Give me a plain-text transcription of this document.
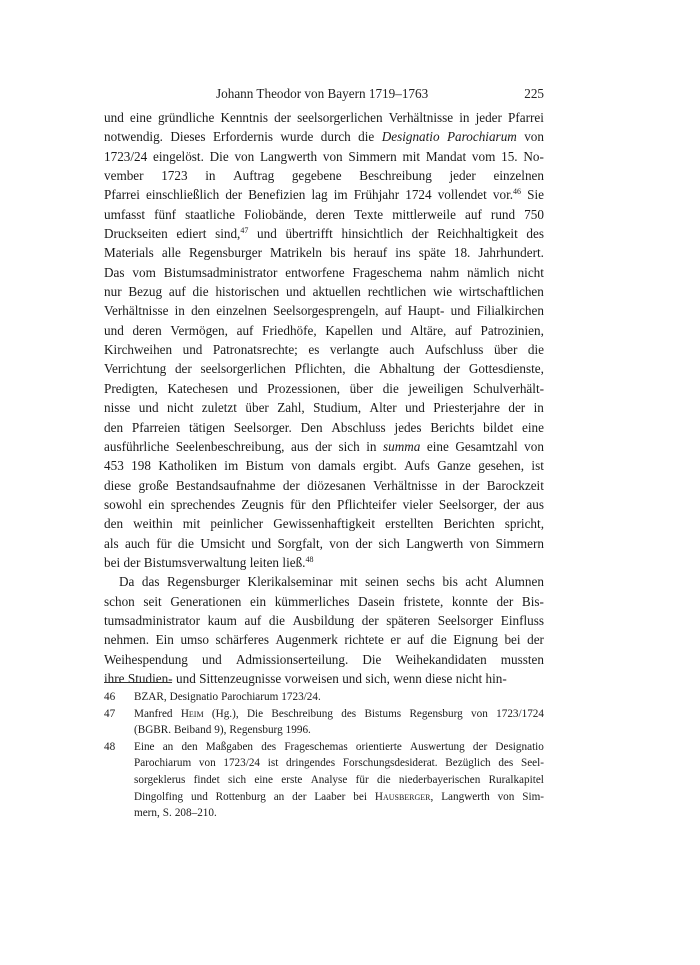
Johann Theodor von Bayern 1719–1763	225
und eine gründliche Kenntnis der seelsorgerlichen Verhältnisse in jeder Pfarrei
notwendig. Dieses Erfordernis wurde durch die Designatio Parochiarum von
1723/24 eingelöst. Die von Langwerth von Simmern mit Mandat vom 15. No-
vember 1723 in Auftrag gegebene Beschreibung jeder einzelnen
Pfarrei einschließlich der Benefizien lag im Frühjahr 1724 vollendet vor.$^{46}$ Sie
umfasst fünf staatliche Foliobände, deren Texte mittlerweile auf rund 750
Druckseiten ediert sind,$^{47}$ und übertrifft hinsichtlich der Reichhaltigkeit des
Materials alle Regensburger Matrikeln bis herauf ins späte 18. Jahrhundert.
Das vom Bistumsadministrator entworfene Frageschema nahm nämlich nicht
nur Bezug auf die historischen und aktuellen rechtlichen wie wirtschaftlichen
Verhältnisse in den einzelnen Seelsorgesprengeln, auf Haupt- und Filialkirchen
und deren Vermögen, auf Friedhöfe, Kapellen und Altäre, auf Patrozinien,
Kirchweihen und Patronatsrechte; es verlangte auch Aufschluss über die
Verrichtung der seelsorgerlichen Pflichten, die Abhaltung der Gottesdienste,
Predigten, Katechesen und Prozessionen, über die jeweiligen Schulverhält-
nisse und nicht zuletzt über Zahl, Studium, Alter und Priesterjahre der in
den Pfarreien tätigen Seelsorger. Den Abschluss jedes Berichts bildet eine
ausführliche Seelenbeschreibung, aus der sich in summa eine Gesamtzahl von
453 198 Katholiken im Bistum von damals ergibt. Aufs Ganze gesehen, ist
diese große Bestandsaufnahme der diözesanen Verhältnisse in der Barockzeit
sowohl ein sprechendes Zeugnis für den Pflichteifer vieler Seelsorger, der aus
den weithin mit peinlicher Gewissenhaftigkeit erstellten Berichten spricht,
als auch für die Umsicht und Sorgfalt, von der sich Langwerth von Simmern
bei der Bistumsverwaltung leiten ließ.$^{48}$
Da das Regensburger Klerikalseminar mit seinen sechs bis acht Alumnen
schon seit Generationen ein kümmerliches Dasein fristete, konnte der Bis-
tumsadministrator kaum auf die Ausbildung der späteren Seelsorger Einfluss
nehmen. Ein umso schärferes Augenmerk richtete er auf die Eignung bei der
Weihespendung und Admissionserteilung. Die Weihekandidaten mussten
ihre Studien- und Sittenzeugnisse vorweisen und sich, wenn diese nicht hin-
46 BZAR, Designatio Parochiarum 1723/24.
47 Manfred Heim (Hg.), Die Beschreibung des Bistums Regensburg von 1723/1724
(BGBR. Beiband 9), Regensburg 1996.
48 Eine an den Maßgaben des Frageschemas orientierte Auswertung der Designatio
Parochiarum von 1723/24 ist dringendes Forschungsdesiderat. Bezüglich des Seel-
sorgeklerus findet sich eine erste Analyse für die niederbayerischen Ruralkapitel
Dingolfing und Rottenburg an der Laaber bei Hausberger, Langwerth von Sim-
mern, S. 208–210.
